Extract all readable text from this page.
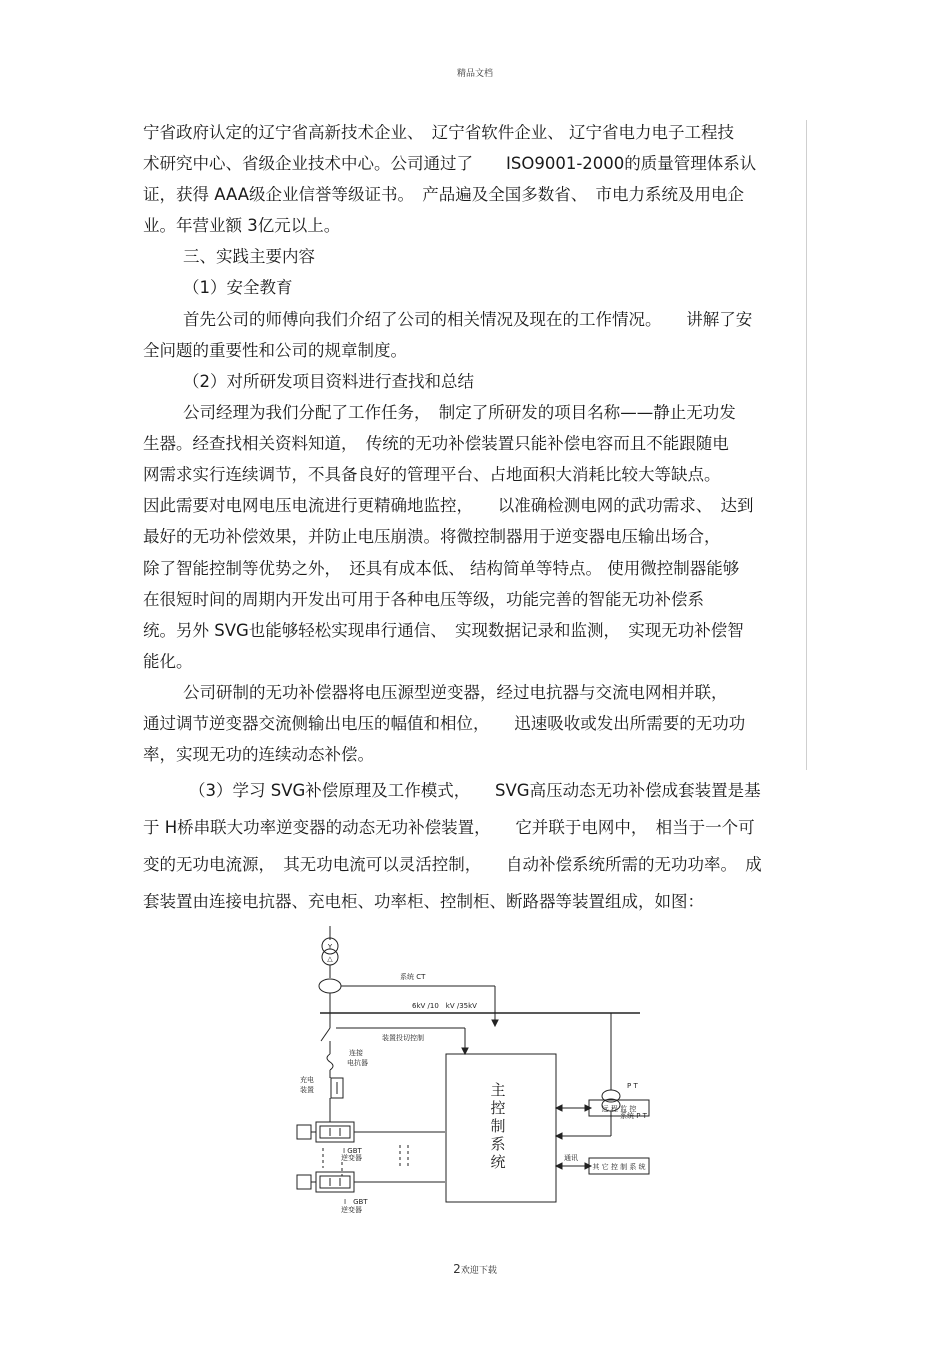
精品文档
宁省政府认定的辽宁省高新技术企业、　辽宁省软件企业、 辽宁省电力电子工程技
术研究中心、省级企业技术中心。公司通过了　　ISO9001-2000的质量管理体系认
证，获得 AAA级企业信誉等级证书。　产品遍及全国多数省、　市电力系统及用电企
业。年营业额 3亿元以上。
三、实践主要内容
（1）安全教育
首先公司的师傅向我们介绍了公司的相关情况及现在的工作情况。　　讲解了安
全问题的重要性和公司的规章制度。
（2）对所研发项目资料进行查找和总结
公司经理为我们分配了工作任务，　制定了所研发的项目名称——静止无功发
生器。经查找相关资料知道，　传统的无功补偿装置只能补偿电容而且不能跟随电
网需求实行连续调节，不具备良好的管理平台、占地面积大消耗比较大等缺点。
因此需要对电网电压电流进行更精确地监控，　　以准确检测电网的武功需求、　达到
最好的无功补偿效果，并防止电压崩溃。将微控制器用于逆变器电压输出场合，
除了智能控制等优势之外，　还具有成本低、 结构简单等特点。 使用微控制器能够
在很短时间的周期内开发出可用于各种电压等级，功能完善的智能无功补偿系
统。另外 SVG也能够轻松实现串行通信、　实现数据记录和监测，　实现无功补偿智
能化。
公司研制的无功补偿器将电压源型逆变器，经过电抗器与交流电网相并联，
通过调节逆变器交流侧输出电压的幅值和相位，　　迅速吸收或发出所需要的无功功
率，实现无功的连续动态补偿。
（3）学习 SVG补偿原理及工作模式，　　SVG高压动态无功补偿成套装置是基
于 H桥串联大功率逆变器的动态无功补偿装置，　　它并联于电网中，　相当于一个可
变的无功电流源，　其无功电流可以灵活控制，　　自动补偿系统所需的无功功率。　成
套装置由连接电抗器、充电柜、功率柜、控制柜、断路器等装置组成，如图：
Y
△
系统 CT
6kV /10　kV /35kV
P T
系统 P T
装置投切控制
连接
电抗器
充电
装置
I GBT
逆变器
I　GBT
逆变器
主
控
制
系
统
远 程 监 控
其 它 控 制 系 统
通讯
2欢迎下载
